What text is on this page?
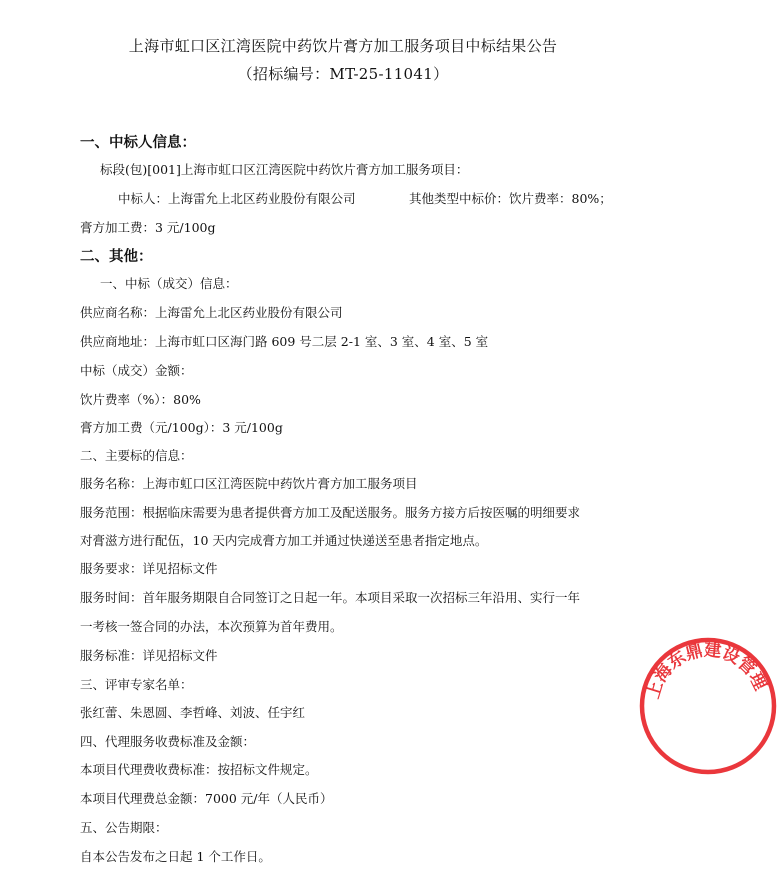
上海市虹口区江湾医院中药饮片膏方加工服务项目中标结果公告
（招标编号：MT-25-11041）
一、中标人信息：
标段(包)[001]上海市虹口区江湾医院中药饮片膏方加工服务项目：
中标人：上海雷允上北区药业股份有限公司	其他类型中标价：饮片费率：80%；
膏方加工费：3 元/100g
二、其他：
一、中标（成交）信息：
供应商名称：上海雷允上北区药业股份有限公司
供应商地址：上海市虹口区海门路 609 号二层 2-1 室、3 室、4 室、5 室
中标（成交）金额：
饮片费率（%）：80%
膏方加工费（元/100g）：3 元/100g
二、主要标的信息：
服务名称：上海市虹口区江湾医院中药饮片膏方加工服务项目
服务范围：根据临床需要为患者提供膏方加工及配送服务。服务方接方后按医嘱的明细要求
对膏滋方进行配伍，10 天内完成膏方加工并通过快递送至患者指定地点。
服务要求：详见招标文件
服务时间：首年服务期限自合同签订之日起一年。本项目采取一次招标三年沿用、实行一年
一考核一签合同的办法，本次预算为首年费用。
服务标准：详见招标文件
三、评审专家名单：
张红蕾、朱恩圆、李哲峰、刘波、任宇红
四、代理服务收费标准及金额：
本项目代理费收费标准：按招标文件规定。
本项目代理费总金额：7000 元/年（人民币）
五、公告期限：
自本公告发布之日起 1 个工作日。
上海东鼎建设管理
